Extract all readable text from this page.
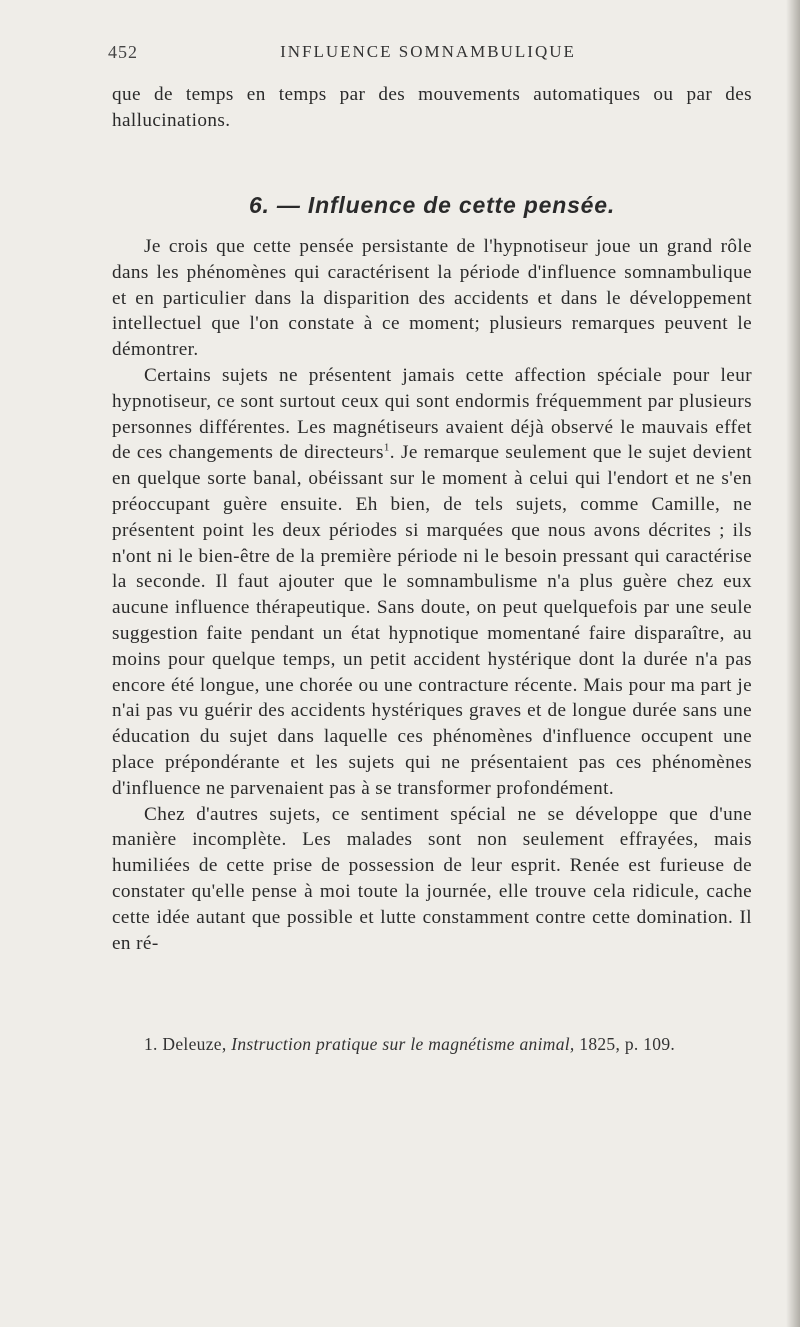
452	INFLUENCE SOMNAMBULIQUE

que de temps en temps par des mouvements automatiques ou par des hallucinations.

6. — Influence de cette pensée.

Je crois que cette pensée persistante de l'hypnotiseur joue un grand rôle dans les phénomènes qui caractérisent la période d'influence somnambulique et en particulier dans la disparition des accidents et dans le développement intellectuel que l'on constate à ce moment; plusieurs remarques peuvent le démontrer.

Certains sujets ne présentent jamais cette affection spéciale pour leur hypnotiseur, ce sont surtout ceux qui sont endormis fréquemment par plusieurs personnes différentes. Les magnétiseurs avaient déjà observé le mauvais effet de ces changements de directeurs$^1$. Je remarque seulement que le sujet devient en quelque sorte banal, obéissant sur le moment à celui qui l'endort et ne s'en préoccupant guère ensuite. Eh bien, de tels sujets, comme Camille, ne présentent point les deux périodes si marquées que nous avons décrites ; ils n'ont ni le bien-être de la première période ni le besoin pressant qui caractérise la seconde. Il faut ajouter que le somnambulisme n'a plus guère chez eux aucune influence thérapeutique. Sans doute, on peut quelquefois par une seule suggestion faite pendant un état hypnotique momentané faire disparaître, au moins pour quelque temps, un petit accident hystérique dont la durée n'a pas encore été longue, une chorée ou une contracture récente. Mais pour ma part je n'ai pas vu guérir des accidents hystériques graves et de longue durée sans une éducation du sujet dans laquelle ces phénomènes d'influence occupent une place prépondérante et les sujets qui ne présentaient pas ces phénomènes d'influence ne parvenaient pas à se transformer profondément.

Chez d'autres sujets, ce sentiment spécial ne se développe que d'une manière incomplète. Les malades sont non seulement effrayées, mais humiliées de cette prise de possession de leur esprit. Renée est furieuse de constater qu'elle pense à moi toute la journée, elle trouve cela ridicule, cache cette idée autant que possible et lutte constamment contre cette domination. Il en ré-

1. Deleuze, Instruction pratique sur le magnétisme animal, 1825, p. 109.
